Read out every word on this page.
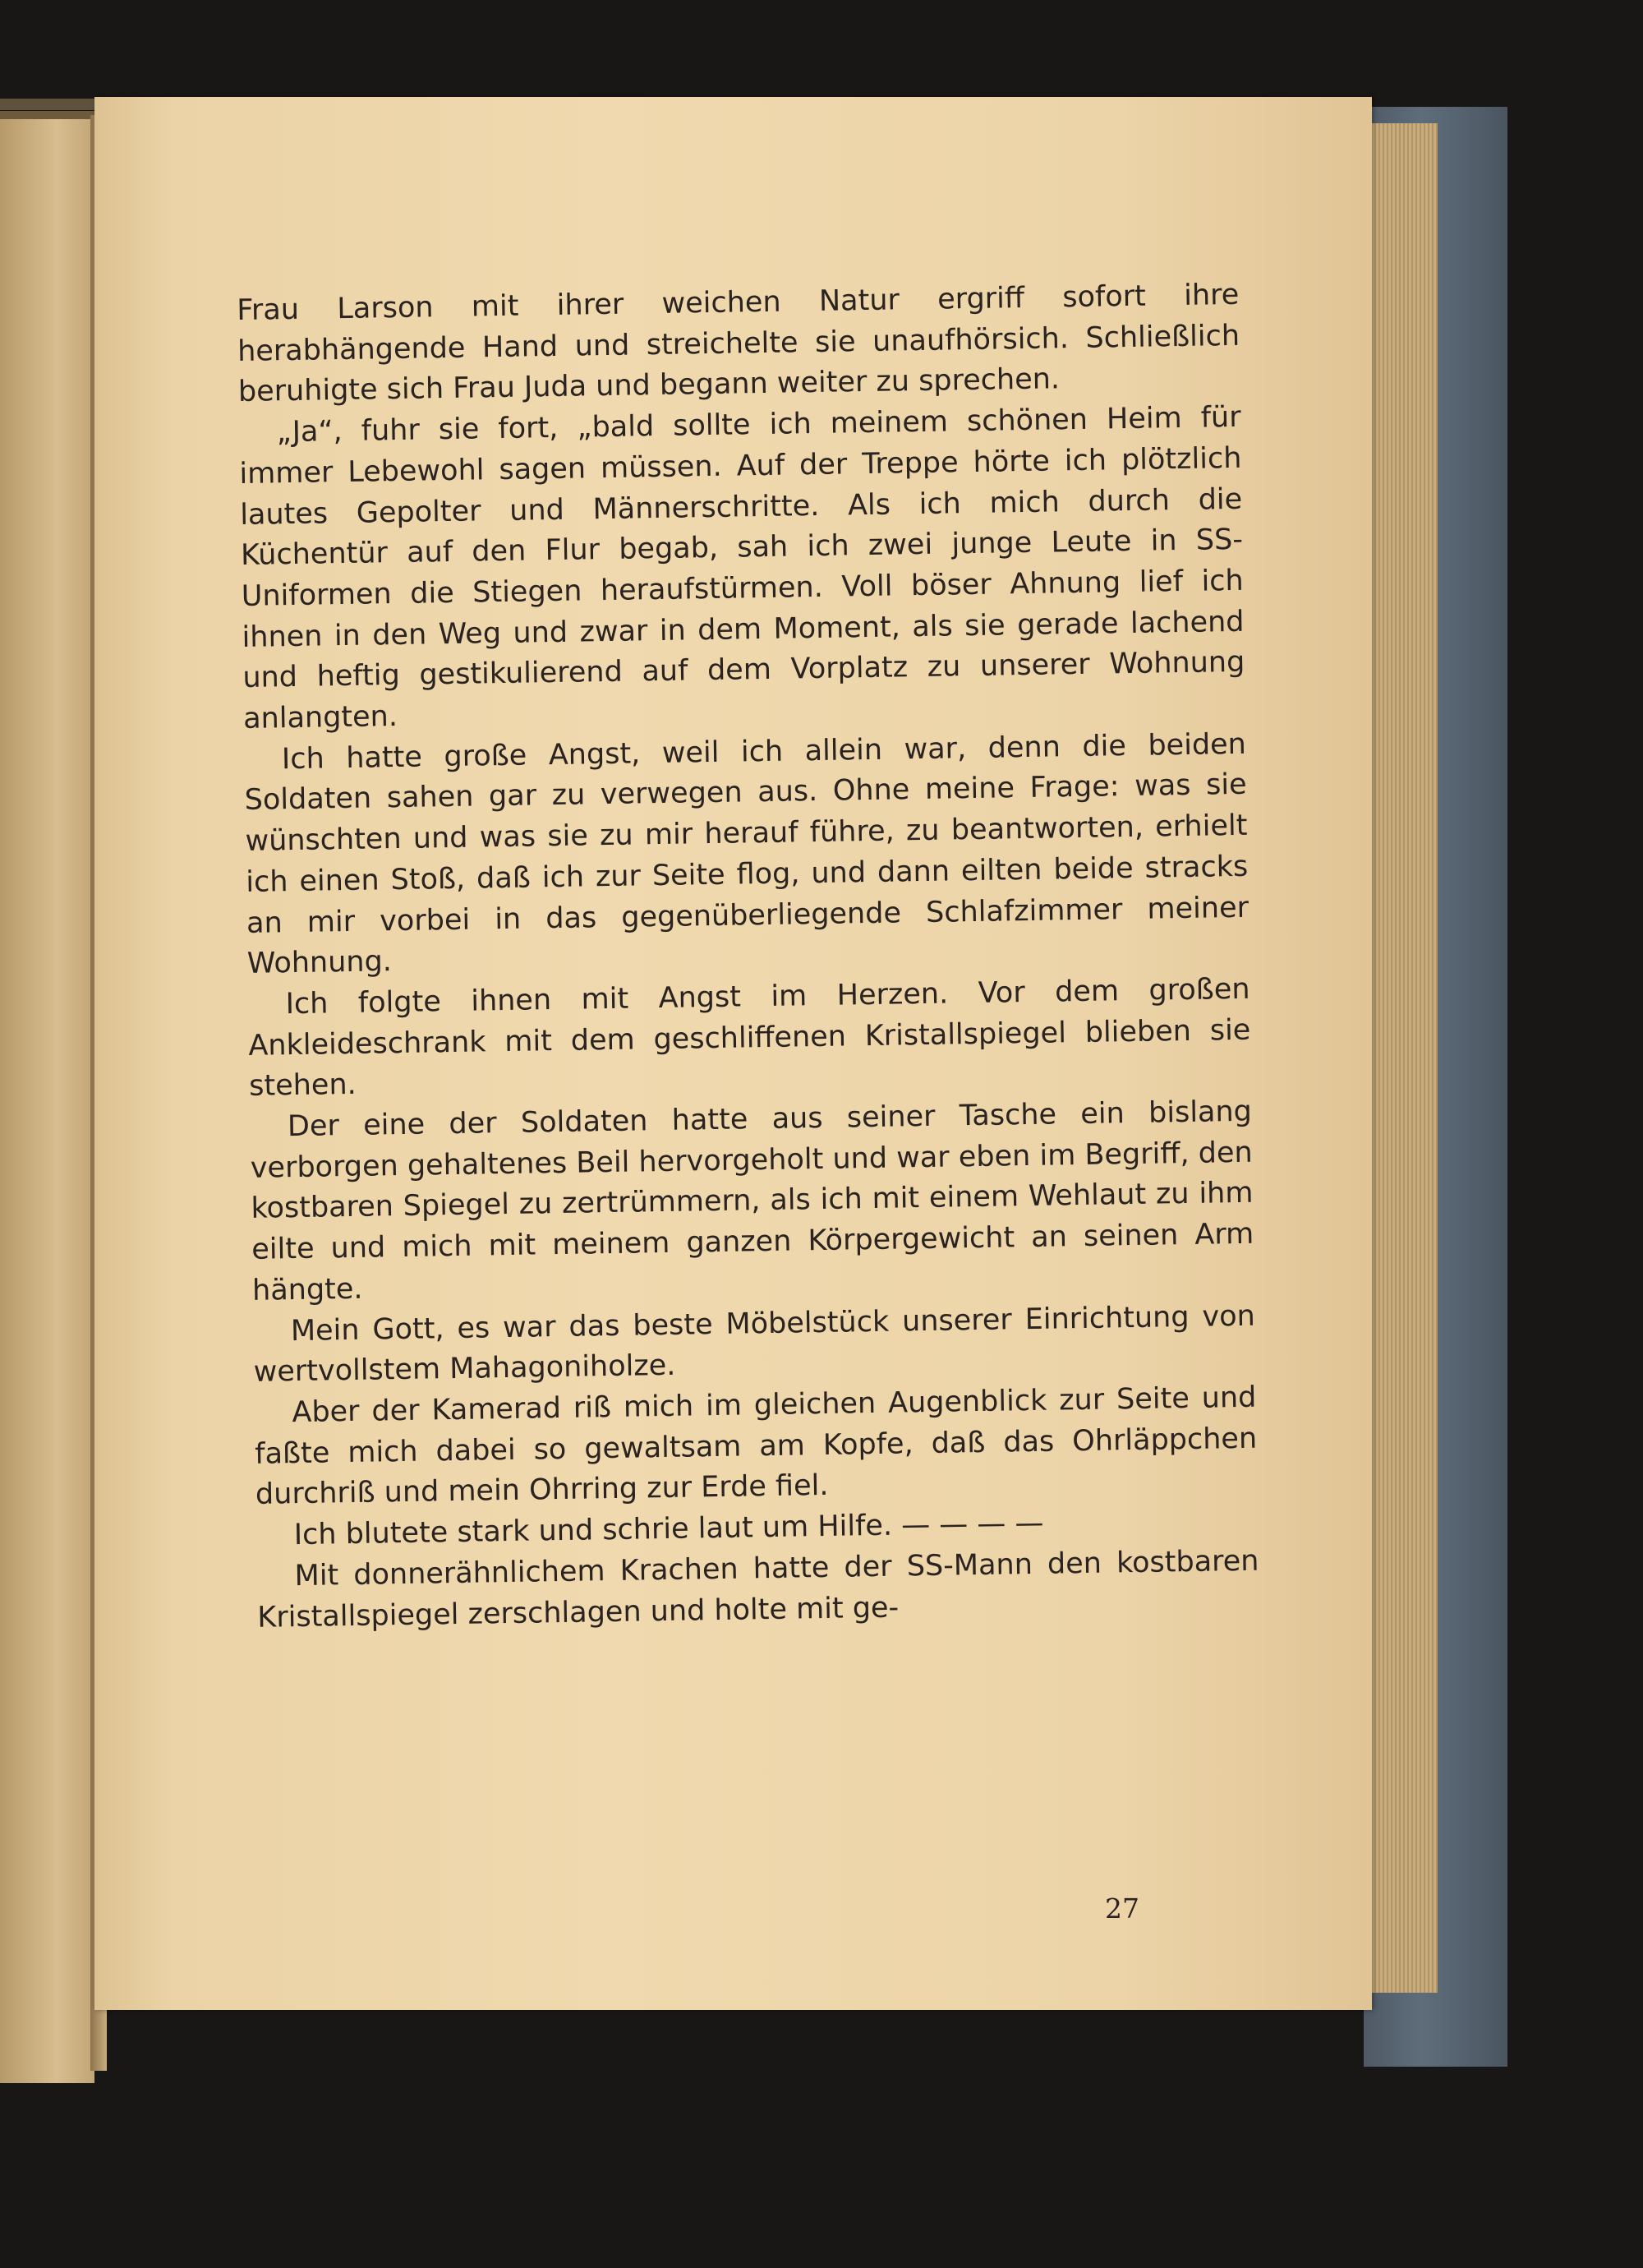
Frau Larson mit ihrer weichen Natur ergriff sofort ihre herabhängende Hand und streichelte sie unaufhörsich. Schließlich beruhigte sich Frau Juda und begann weiter zu sprechen.

„Ja“, fuhr sie fort, „bald sollte ich meinem schönen Heim für immer Lebewohl sagen müssen. Auf der Treppe hörte ich plötzlich lautes Gepolter und Männerschritte. Als ich mich durch die Küchentür auf den Flur begab, sah ich zwei junge Leute in SS-Uniformen die Stiegen heraufstürmen. Voll böser Ahnung lief ich ihnen in den Weg und zwar in dem Moment, als sie gerade lachend und heftig gestikulierend auf dem Vorplatz zu unserer Wohnung anlangten.

Ich hatte große Angst, weil ich allein war, denn die beiden Soldaten sahen gar zu verwegen aus. Ohne meine Frage: was sie wünschten und was sie zu mir herauf führe, zu beantworten, erhielt ich einen Stoß, daß ich zur Seite flog, und dann eilten beide stracks an mir vorbei in das gegenüberliegende Schlafzimmer meiner Wohnung.

Ich folgte ihnen mit Angst im Herzen. Vor dem großen Ankleideschrank mit dem geschliffenen Kristallspiegel blieben sie stehen.

Der eine der Soldaten hatte aus seiner Tasche ein bislang verborgen gehaltenes Beil hervorgeholt und war eben im Begriff, den kostbaren Spiegel zu zertrümmern, als ich mit einem Wehlaut zu ihm eilte und mich mit meinem ganzen Körpergewicht an seinen Arm hängte.

Mein Gott, es war das beste Möbelstück unserer Einrichtung von wertvollstem Mahagoniholze.

Aber der Kamerad riß mich im gleichen Augenblick zur Seite und faßte mich dabei so gewaltsam am Kopfe, daß das Ohrläppchen durchriß und mein Ohrring zur Erde fiel.

Ich blutete stark und schrie laut um Hilfe. — — — —

Mit donnerähnlichem Krachen hatte der SS-Mann den kostbaren Kristallspiegel zerschlagen und holte mit ge-

27
